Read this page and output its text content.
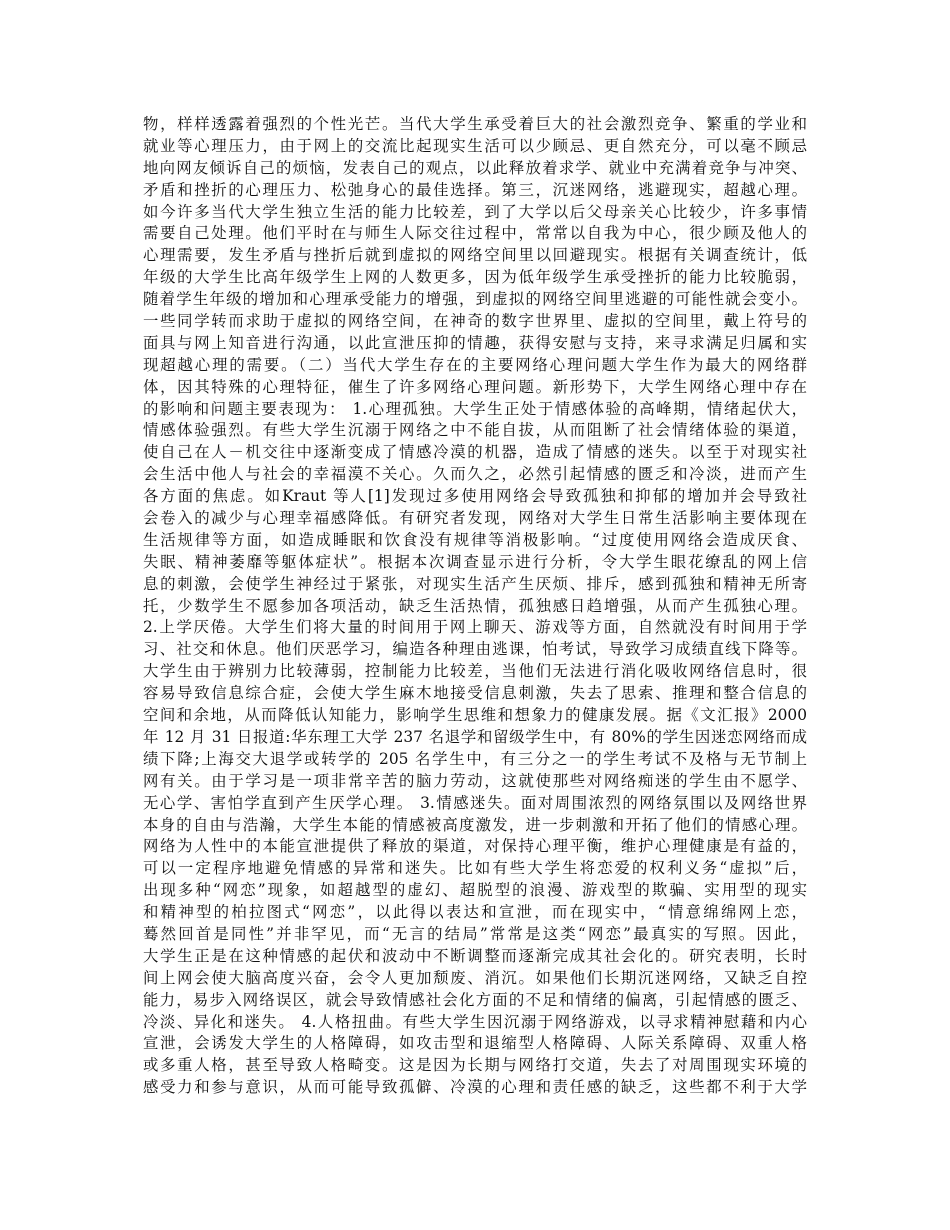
物，样样透露着强烈的个性光芒。当代大学生承受着巨大的社会激烈竞争、繁重的学业和
就业等心理压力，由于网上的交流比起现实生活可以少顾忌、更自然充分，可以毫不顾忌
地向网友倾诉自己的烦恼，发表自己的观点，以此释放着求学、就业中充满着竞争与冲突、
矛盾和挫折的心理压力、松弛身心的最佳选择。第三，沉迷网络，逃避现实，超越心理。
如今许多当代大学生独立生活的能力比较差，到了大学以后父母亲关心比较少，许多事情
需要自己处理。他们平时在与师生人际交往过程中，常常以自我为中心，很少顾及他人的
心理需要，发生矛盾与挫折后就到虚拟的网络空间里以回避现实。根据有关调查统计，低
年级的大学生比高年级学生上网的人数更多，因为低年级学生承受挫折的能力比较脆弱，
随着学生年级的增加和心理承受能力的增强，到虚拟的网络空间里逃避的可能性就会变小。
一些同学转而求助于虚拟的网络空间，在神奇的数字世界里、虚拟的空间里，戴上符号的
面具与网上知音进行沟通，以此宣泄压抑的情趣，获得安慰与支持，来寻求满足归属和实
现超越心理的需要。（二）当代大学生存在的主要网络心理问题大学生作为最大的网络群
体，因其特殊的心理特征，催生了许多网络心理问题。新形势下，大学生网络心理中存在
的影响和问题主要表现为： 1.心理孤独。大学生正处于情感体验的高峰期，情绪起伏大，
情感体验强烈。有些大学生沉溺于网络之中不能自拔，从而阻断了社会情绪体验的渠道，
使自己在人－机交往中逐渐变成了情感冷漠的机器，造成了情感的迷失。以至于对现实社
会生活中他人与社会的幸福漠不关心。久而久之，必然引起情感的匮乏和冷淡，进而产生
各方面的焦虑。如Kraut 等人[1]发现过多使用网络会导致孤独和抑郁的增加并会导致社
会卷入的减少与心理幸福感降低。有研究者发现，网络对大学生日常生活影响主要体现在
生活规律等方面，如造成睡眠和饮食没有规律等消极影响。“过度使用网络会造成厌食、
失眠、精神萎靡等躯体症状”。根据本次调查显示进行分析，令大学生眼花缭乱的网上信
息的刺激，会使学生神经过于紧张，对现实生活产生厌烦、排斥，感到孤独和精神无所寄
托，少数学生不愿参加各项活动，缺乏生活热情，孤独感日趋增强，从而产生孤独心理。
2.上学厌倦。大学生们将大量的时间用于网上聊天、游戏等方面，自然就没有时间用于学
习、社交和休息。他们厌恶学习，编造各种理由逃课，怕考试，导致学习成绩直线下降等。
大学生由于辨别力比较薄弱，控制能力比较差，当他们无法进行消化吸收网络信息时，很
容易导致信息综合症，会使大学生麻木地接受信息刺激，失去了思索、推理和整合信息的
空间和余地，从而降低认知能力，影响学生思维和想象力的健康发展。据《文汇报》2000
年 12 月 31 日报道:华东理工大学 237 名退学和留级学生中，有 80%的学生因迷恋网络而成
绩下降;上海交大退学或转学的 205 名学生中，有三分之一的学生考试不及格与无节制上
网有关。由于学习是一项非常辛苦的脑力劳动，这就使那些对网络痴迷的学生由不愿学、
无心学、害怕学直到产生厌学心理。 3.情感迷失。面对周围浓烈的网络氛围以及网络世界
本身的自由与浩瀚，大学生本能的情感被高度激发，进一步刺激和开拓了他们的情感心理。
网络为人性中的本能宣泄提供了释放的渠道，对保持心理平衡，维护心理健康是有益的，
可以一定程序地避免情感的异常和迷失。比如有些大学生将恋爱的权利义务“虚拟”后，
出现多种“网恋”现象，如超越型的虚幻、超脱型的浪漫、游戏型的欺骗、实用型的现实
和精神型的柏拉图式“网恋”，以此得以表达和宣泄，而在现实中，“情意绵绵网上恋，
蓦然回首是同性”并非罕见，而“无言的结局”常常是这类“网恋”最真实的写照。因此，
大学生正是在这种情感的起伏和波动中不断调整而逐渐完成其社会化的。研究表明，长时
间上网会使大脑高度兴奋，会令人更加颓废、消沉。如果他们长期沉迷网络，又缺乏自控
能力，易步入网络误区，就会导致情感社会化方面的不足和情绪的偏离，引起情感的匮乏、
冷淡、异化和迷失。 4.人格扭曲。有些大学生因沉溺于网络游戏，以寻求精神慰藉和内心
宣泄，会诱发大学生的人格障碍，如攻击型和退缩型人格障碍、人际关系障碍、双重人格
或多重人格，甚至导致人格畸变。这是因为长期与网络打交道，失去了对周围现实环境的
感受力和参与意识，从而可能导致孤僻、冷漠的心理和责任感的缺乏，这些都不利于大学
